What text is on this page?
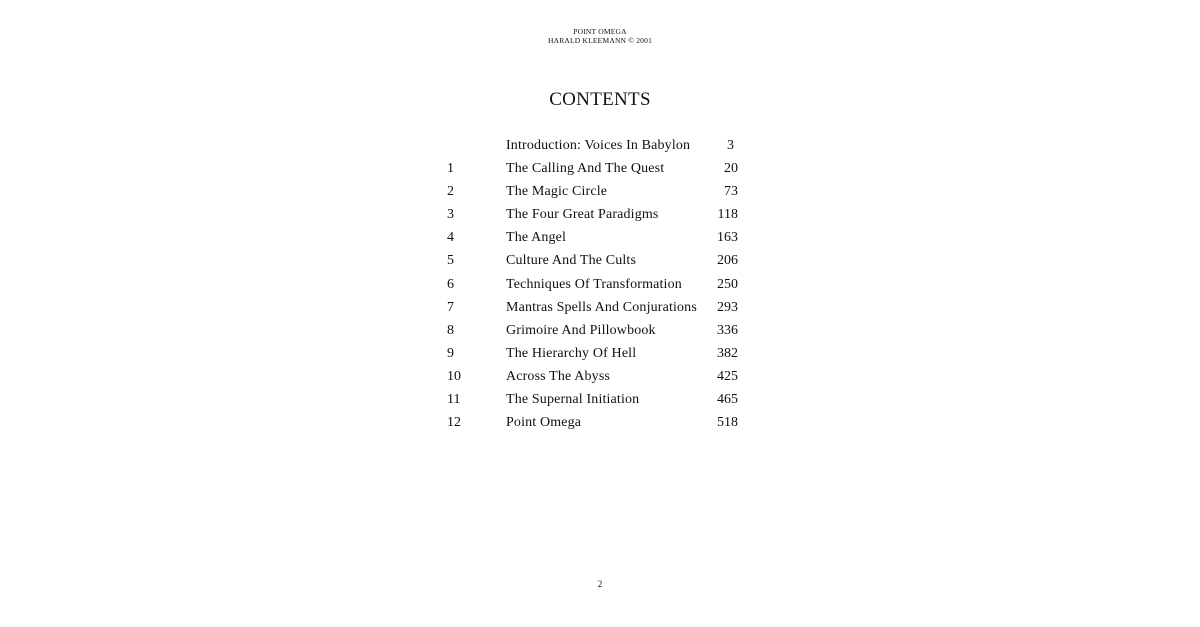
POINT OMEGA
HARALD KLEEMANN © 2001
CONTENTS
Introduction: Voices In Babylon	3
1	The Calling And The Quest	20
2	The Magic Circle	73
3	The Four Great Paradigms	118
4	The Angel	163
5	Culture And The Cults	206
6	Techniques Of Transformation	250
7	Mantras Spells And Conjurations	293
8	Grimoire And Pillowbook	336
9	The Hierarchy Of Hell	382
10	Across The Abyss	425
11	The Supernal Initiation	465
12	Point Omega	518
2
